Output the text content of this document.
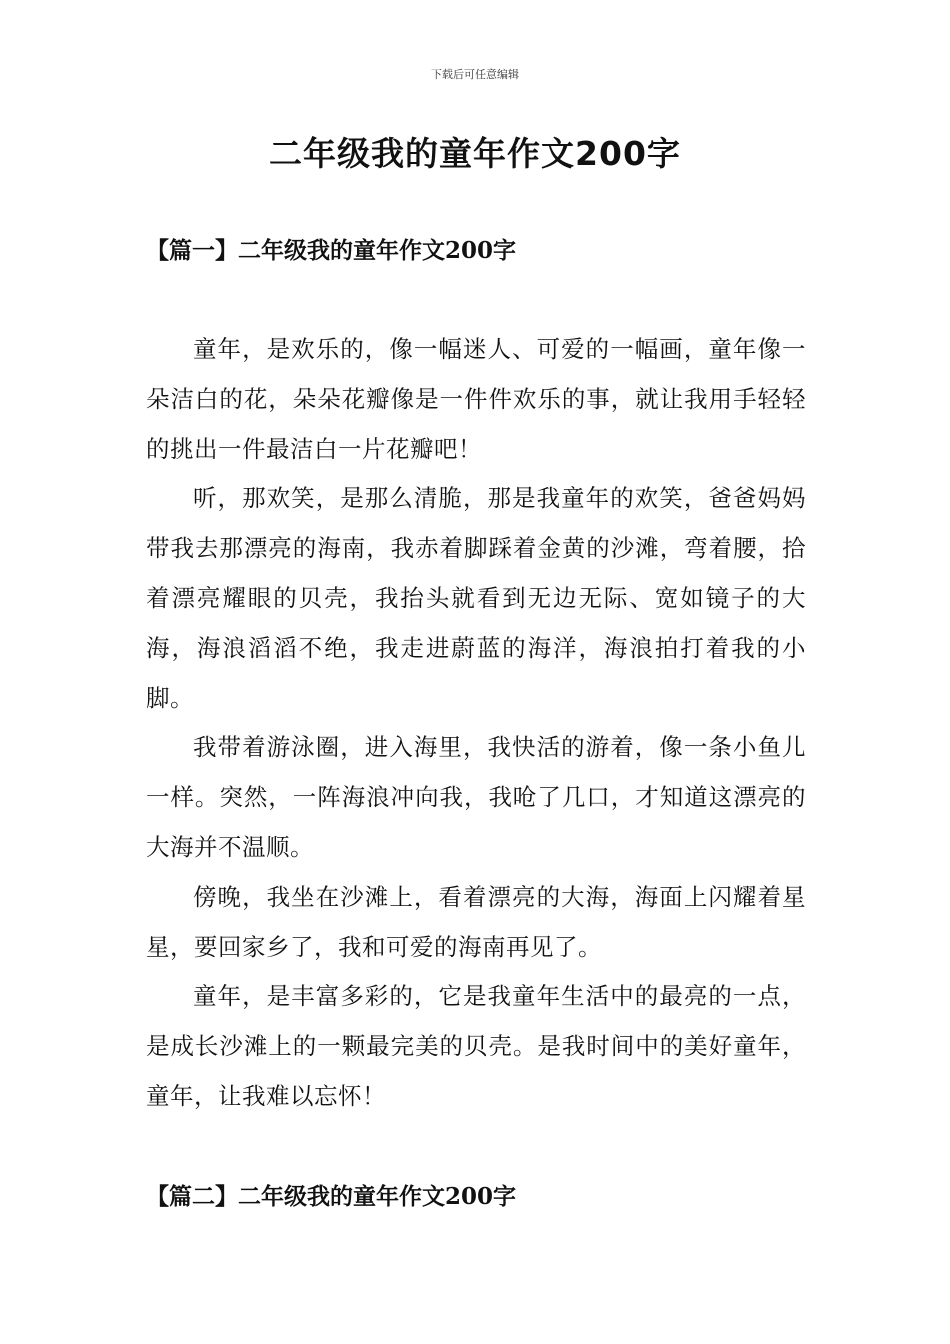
下载后可任意编辑
二年级我的童年作文200字
【篇一】二年级我的童年作文200字

童年，是欢乐的，像一幅迷人、可爱的一幅画，童年像一朵洁白的花，朵朵花瓣像是一件件欢乐的事，就让我用手轻轻的挑出一件最洁白一片花瓣吧！

听，那欢笑，是那么清脆，那是我童年的欢笑，爸爸妈妈带我去那漂亮的海南，我赤着脚踩着金黄的沙滩，弯着腰，拾着漂亮耀眼的贝壳，我抬头就看到无边无际、宽如镜子的大海，海浪滔滔不绝，我走进蔚蓝的海洋，海浪拍打着我的小脚。

我带着游泳圈，进入海里，我快活的游着，像一条小鱼儿一样。突然，一阵海浪冲向我，我呛了几口，才知道这漂亮的大海并不温顺。

傍晚，我坐在沙滩上，看着漂亮的大海，海面上闪耀着星星，要回家乡了，我和可爱的海南再见了。

童年，是丰富多彩的，它是我童年生活中的最亮的一点，是成长沙滩上的一颗最完美的贝壳。是我时间中的美好童年，童年，让我难以忘怀！

【篇二】二年级我的童年作文200字
